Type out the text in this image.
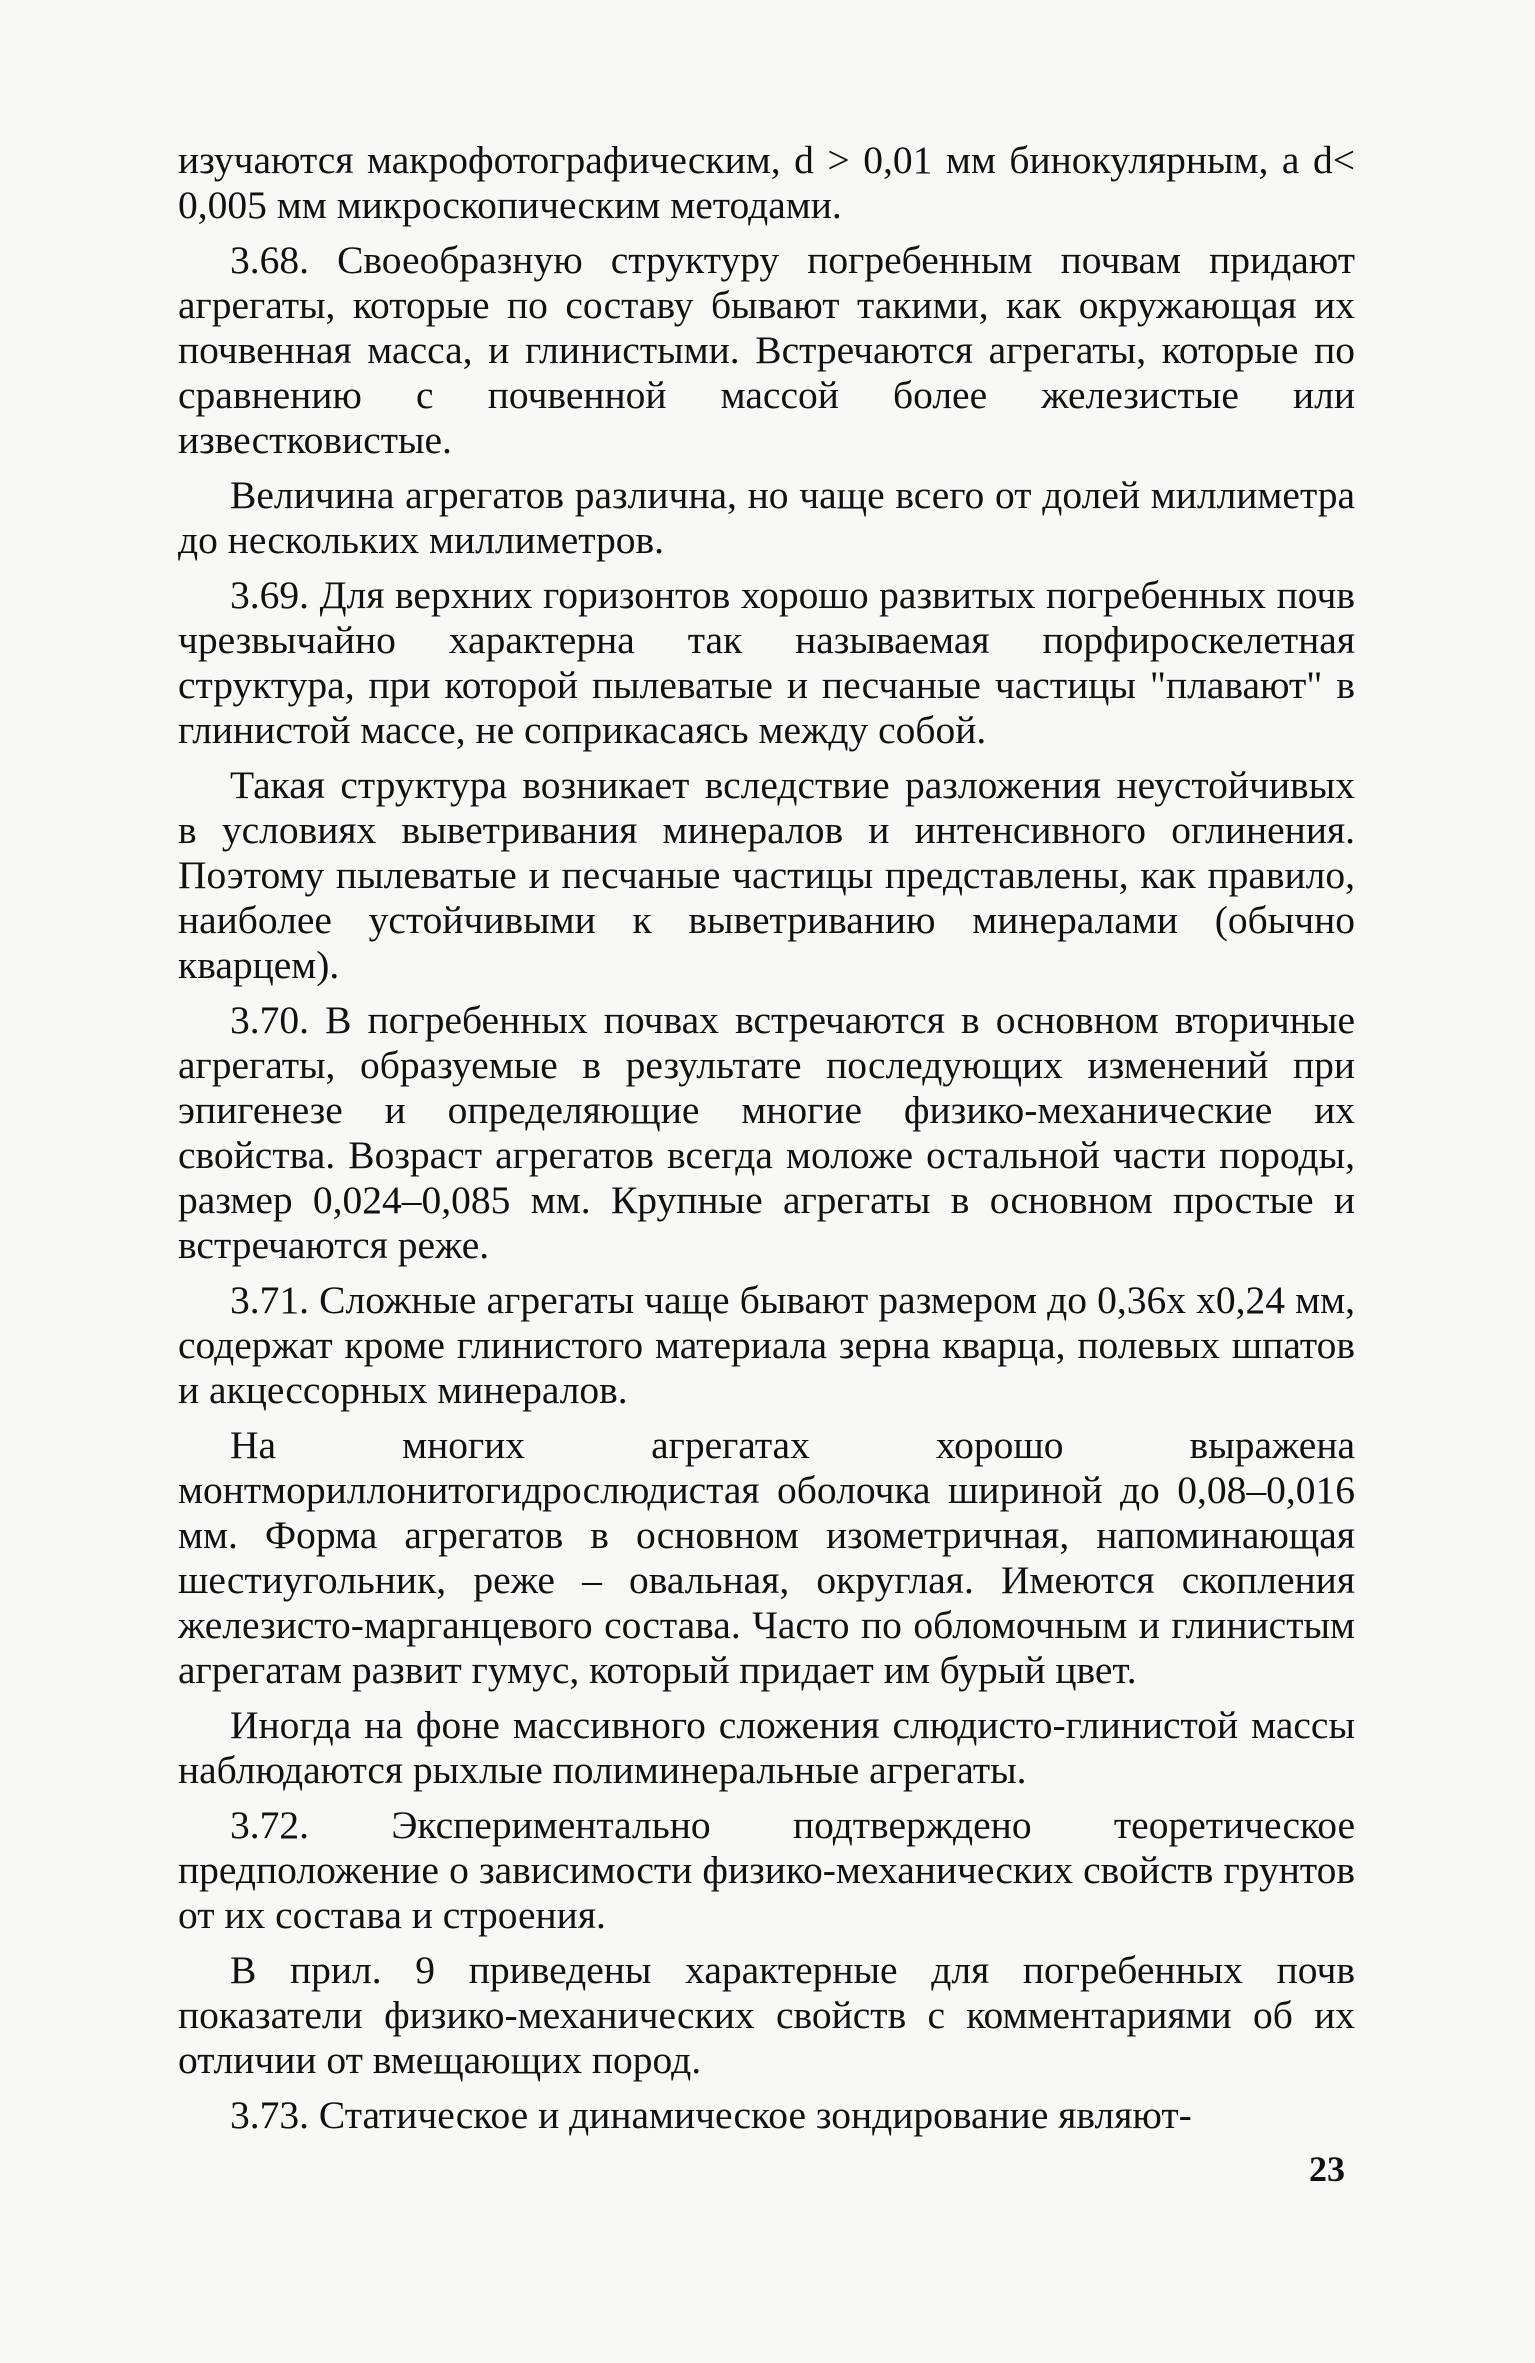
изучаются макрофотографическим, d > 0,01 мм бинокулярным, а d< 0,005 мм микроскопическим методами.

3.68. Своеобразную структуру погребенным почвам придают агрегаты, которые по составу бывают такими, как окружающая их почвенная масса, и глинистыми. Встречаются агрегаты, которые по сравнению с почвенной массой более железистые или известковистые.

Величина агрегатов различна, но чаще всего от долей миллиметра до нескольких миллиметров.

3.69. Для верхних горизонтов хорошо развитых погребенных почв чрезвычайно характерна так называемая порфироскелетная структура, при которой пылеватые и песчаные частицы "плавают" в глинистой массе, не соприкасаясь между собой.

Такая структура возникает вследствие разложения неустойчивых в условиях выветривания минералов и интенсивного оглинения. Поэтому пылеватые и песчаные частицы представлены, как правило, наиболее устойчивыми к выветриванию минералами (обычно кварцем).

3.70. В погребенных почвах встречаются в основном вторичные агрегаты, образуемые в результате последующих изменений при эпигенезе и определяющие многие физико-механические их свойства. Возраст агрегатов всегда моложе остальной части породы, размер 0,024–0,085 мм. Крупные агрегаты в основном простые и встречаются реже.

3.71. Сложные агрегаты чаще бывают размером до 0,36x x0,24 мм, содержат кроме глинистого материала зерна кварца, полевых шпатов и акцессорных минералов.

На многих агрегатах хорошо выражена монтмориллонитогидрослюдистая оболочка шириной до 0,08–0,016 мм. Форма агрегатов в основном изометричная, напоминающая шестиугольник, реже – овальная, округлая. Имеются скопления железисто-марганцевого состава. Часто по обломочным и глинистым агрегатам развит гумус, который придает им бурый цвет.

Иногда на фоне массивного сложения слюдисто-глинистой массы наблюдаются рыхлые полиминеральные агрегаты.

3.72. Экспериментально подтверждено теоретическое предположение о зависимости физико-механических свойств грунтов от их состава и строения.

В прил. 9 приведены характерные для погребенных почв показатели физико-механических свойств с комментариями об их отличии от вмещающих пород.

3.73. Статическое и динамическое зондирование являют-

23
